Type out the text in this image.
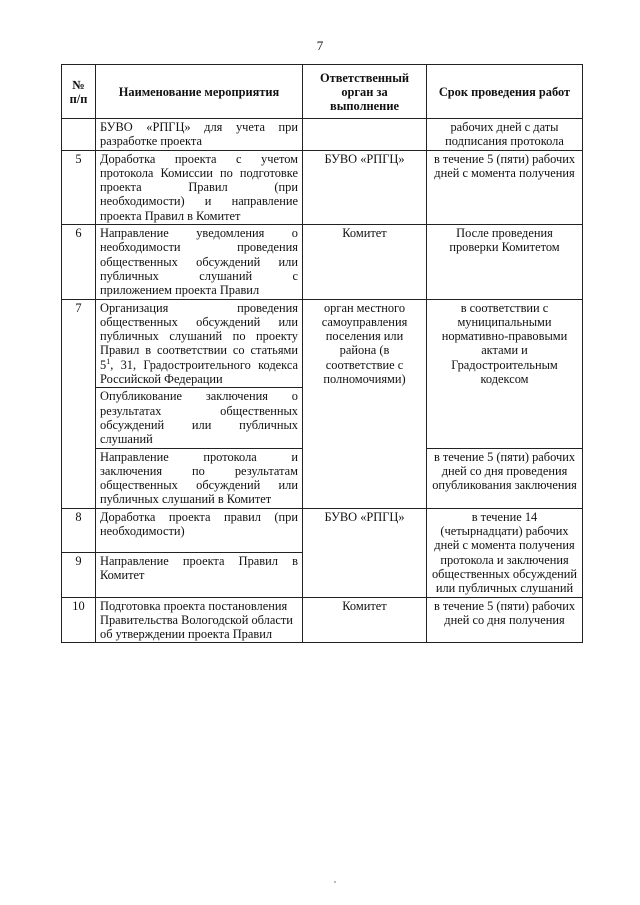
7
№ п/п	Наименование мероприятия	Ответственный орган за выполнение	Срок проведения работ
	БУВО «РПГЦ» для учета при разработке проекта		рабочих дней с даты подписания протокола
5	Доработка проекта с учетом протокола Комиссии по подготовке проекта Правил (при необходимости) и направление проекта Правил в Комитет	БУВО «РПГЦ»	в течение 5 (пяти) рабочих дней с момента получения
6	Направление уведомления о необходимости проведения общественных обсуждений или публичных слушаний с приложением проекта Правил	Комитет	После проведения проверки Комитетом
7	Организация проведения общественных обсуждений или публичных слушаний по проекту Правил в соответствии со статьями $5^1$, 31, Градостроительного кодекса Российской Федерации	орган местного самоуправления поселения или района (в соответствие с полномочиями)	в соответствии с муниципальными нормативно-правовыми актами и Градостроительным кодексом
	Опубликование заключения о результатах общественных обсуждений или публичных слушаний		
	Направление протокола и заключения по результатам общественных обсуждений или публичных слушаний в Комитет		в течение 5 (пяти) рабочих дней со дня проведения опубликования заключения
8	Доработка проекта правил (при необходимости)	БУВО «РПГЦ»	в течение 14 (четырнадцати) рабочих дней с момента получения протокола и заключения общественных обсуждений или публичных слушаний
9	Направление проекта Правил в Комитет		
10	Подготовка проекта постановления Правительства Вологодской области об утверждении проекта Правил	Комитет	в течение 5 (пяти) рабочих дней со дня получения
